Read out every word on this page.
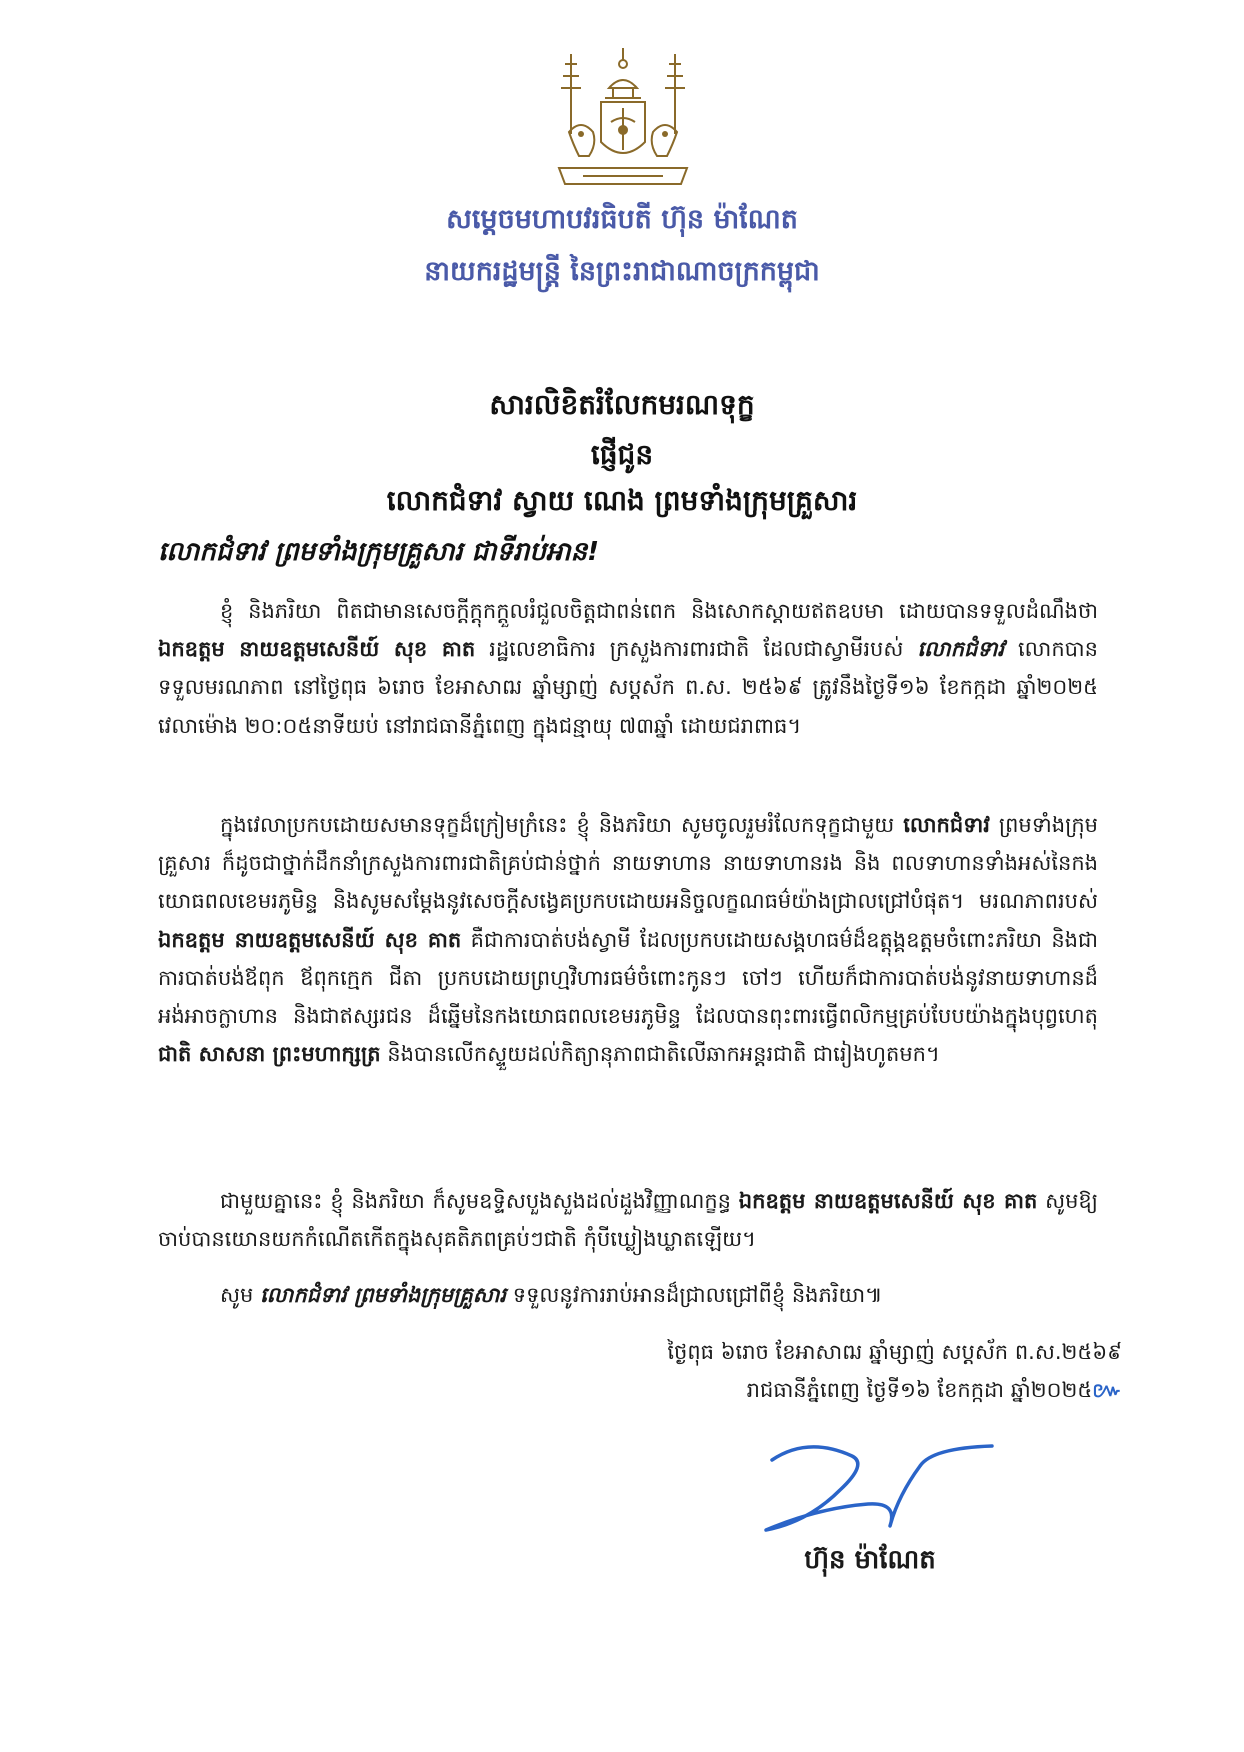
សម្តេចមហាបវរធិបតី ហ៊ុន ម៉ាណែត
នាយករដ្ឋមន្ត្រី នៃព្រះរាជាណាចក្រកម្ពុជា
សារលិខិតរំលែកមរណទុក្ខ
ផ្ញើជូន
លោកជំទាវ ស្វាយ ណេង ព្រមទាំងក្រុមគ្រួសារ
លោកជំទាវ ព្រមទាំងក្រុមគ្រួសារ ជាទីរាប់អាន!
ខ្ញុំ និងភរិយា ពិតជាមានសេចក្ដីក្ដុកក្ដួលរំជួលចិត្តជាពន់ពេក និងសោកស្ដាយឥតឧបមា ដោយបានទទួលដំណឹងថា ឯកឧត្តម នាយឧត្តមសេនីយ៍ សុខ គាត រដ្ឋលេខាធិការ ក្រសួងការពារជាតិ ដែលជាស្វាមីរបស់ លោកជំទាវ លោកបានទទួលមរណភាព នៅថ្ងៃពុធ ៦រោច ខែអាសាឍ ឆ្នាំម្សាញ់ សប្តស័ក ព.ស. ២៥៦៩ ត្រូវនឹងថ្ងៃទី១៦ ខែកក្កដា ឆ្នាំ២០២៥ វេលាម៉ោង ២០:០៥នាទីយប់ នៅរាជធានីភ្នំពេញ ក្នុងជន្មាយុ ៧៣ឆ្នាំ ដោយជរាពាធ។
ក្នុងវេលាប្រកបដោយសមានទុក្ខដ៏ក្រៀមក្រំនេះ ខ្ញុំ និងភរិយា សូមចូលរួមរំលែកទុក្ខជាមួយ លោកជំទាវ ព្រមទាំងក្រុមគ្រួសារ ក៏ដូចជាថ្នាក់ដឹកនាំក្រសួងការពារជាតិគ្រប់ជាន់ថ្នាក់ នាយទាហាន នាយទាហានរង និង ពលទាហានទាំងអស់នៃកងយោធពលខេមរភូមិន្ទ និងសូមសម្ដែងនូវសេចក្ដីសង្វេគប្រកបដោយអនិច្ចលក្ខណធម៌យ៉ាងជ្រាលជ្រៅបំផុត។ មរណភាពរបស់ ឯកឧត្តម នាយឧត្តមសេនីយ៍ សុខ គាត គឺជាការបាត់បង់ស្វាមី ដែលប្រកបដោយសង្គហធម៌ដ៏ឧត្តុង្គឧត្តមចំពោះភរិយា និងជាការបាត់បង់ឪពុក ឪពុកក្មេក ជីតា ប្រកបដោយព្រហ្មវិហារធម៌ចំពោះកូនៗ ចៅៗ ហើយក៏ជាការបាត់បង់នូវនាយទាហានដ៏អង់អាចក្លាហាន និងជាឥស្សរជន ដ៏ឆ្នើមនៃកងយោធពលខេមរភូមិន្ទ ដែលបានពុះពារធ្វើពលិកម្មគ្រប់បែបយ៉ាងក្នុងបុព្វហេតុ ជាតិ សាសនា ព្រះមហាក្សត្រ និងបានលើកស្ទួយដល់កិត្យានុភាពជាតិលើឆាកអន្តរជាតិ ជារៀងហូតមក។
ជាមួយគ្នានេះ ខ្ញុំ និងភរិយា ក៏សូមឧទ្ទិសបួងសួងដល់ដួងវិញ្ញាណក្ខន្ធ ឯកឧត្តម នាយឧត្តមសេនីយ៍ សុខ គាត សូមឱ្យចាប់បានយោនយកកំណើតកើតក្នុងសុគតិភពគ្រប់ៗជាតិ កុំបីឃ្លៀងឃ្លាតឡើយ។
សូម លោកជំទាវ ព្រមទាំងក្រុមគ្រួសារ ទទួលនូវការរាប់អានដ៏ជ្រាលជ្រៅពីខ្ញុំ និងភរិយា៕
ថ្ងៃពុធ ៦រោច ខែអាសាឍ ឆ្នាំម្សាញ់ សប្តស័ក ព.ស.២៥៦៩
រាជធានីភ្នំពេញ ថ្ងៃទី១៦ ខែកក្កដា ឆ្នាំ២០២៥៚
ហ៊ុន ម៉ាណែត
